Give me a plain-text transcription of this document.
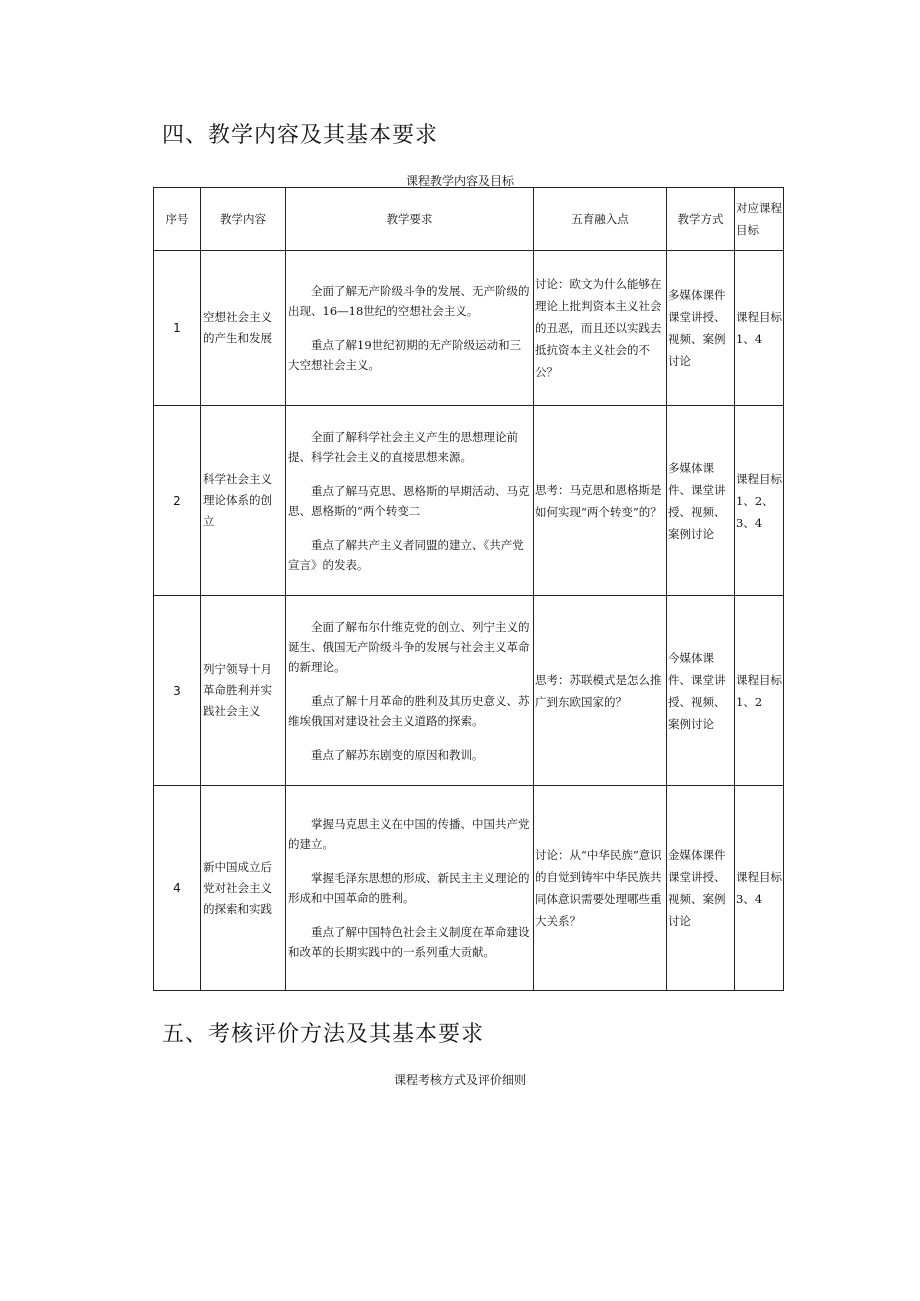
四、教学内容及其基本要求
课程教学内容及目标
序号	教学内容	教学要求	五育融入点	教学方式	对应课程目标

1	空想社会主义的产生和发展	全面了解无产阶级斗争的发展、无产阶级的出现、16—18世纪的空想社会主义。

重点了解19世纪初期的无产阶级运动和三大空想社会主义。	讨论：欧文为什么能够在理论上批判资本主义社会的丑恶，而且还以实践去抵抗资本主义社会的不公？	多媒体课件课堂讲授、视频、案例讨论	课程目标1、4
2	科学社会主义理论体系的创立	全面了解科学社会主义产生的思想理论前提、科学社会主义的直接思想来源。

重点了解马克思、恩格斯的早期活动、马克思、恩格斯的“两个转变二

重点了解共产主义者同盟的建立、《共产党宣言》的发表。	思考：马克思和恩格斯是如何实现“两个转变”的？	多媒体课件、课堂讲授、视频、案例讨论	课程目标1、2、3、4
3	列宁领导十月革命胜利并实践社会主义	全面了解布尔什维克党的创立、列宁主义的诞生、俄国无产阶级斗争的发展与社会主义革命的新理论。

重点了解十月革命的胜利及其历史意义、苏维埃俄国对建设社会主义道路的探索。

重点了解苏东剧变的原因和教训。	思考：苏联模式是怎么推广到东欧国家的？	今媒体课件、课堂讲授、视频、案例讨论	课程目标1、2
4	新中国成立后党对社会主义的探索和实践	掌握马克思主义在中国的传播、中国共产党的建立。

掌握毛泽东思想的形成、新民主主义理论的形成和中国革命的胜利。

重点了解中国特色社会主义制度在革命建设和改革的长期实践中的一系列重大贡献。	讨论：从“中华民族”意识的自觉到铸牢中华民族共同体意识需要处理哪些重大关系？	金媒体课件课堂讲授、视频、案例讨论	课程目标3、4
五、考核评价方法及其基本要求
课程考核方式及评价细则
